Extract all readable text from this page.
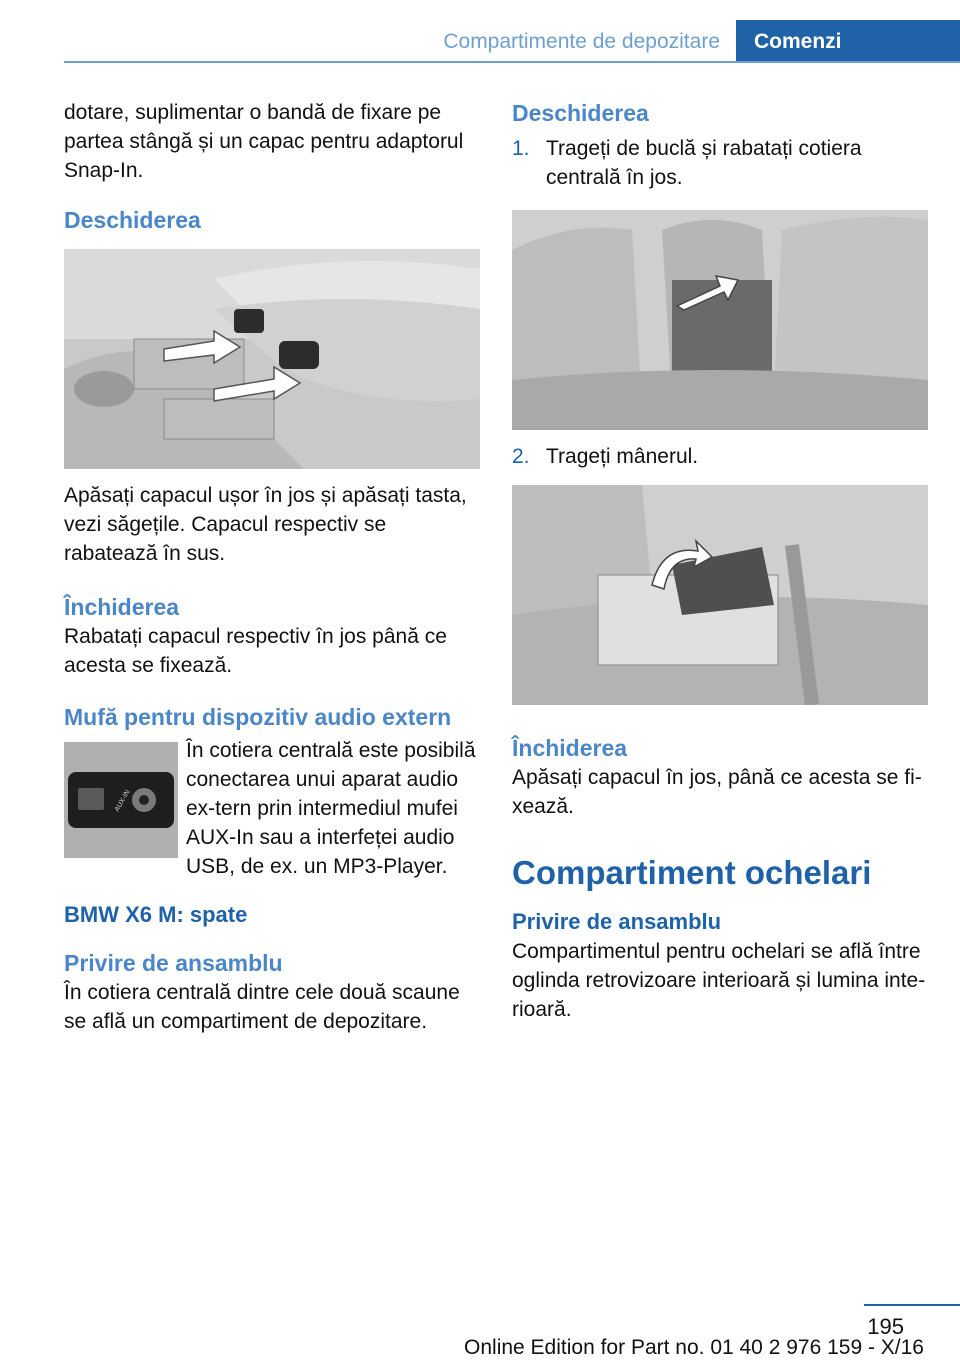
Compartimente de depozitare	Comenzi

dotare, suplimentar o bandă de fixare pe partea stângă și un capac pentru adaptorul Snap-In.

Deschiderea

Apăsați capacul ușor în jos și apăsați tasta, vezi săgețile. Capacul respectiv se rabatează în sus.

Închiderea

Rabatați capacul respectiv în jos până ce acesta se fixează.

Mufă pentru dispozitiv audio extern
AUX-IN

În cotiera centrală este posibilă conectarea unui aparat audio ex-tern prin intermediul mufei AUX-In sau a interfeței audio USB, de ex. un MP3-Player.

BMW X6 M: spate
Privire de ansamblu

În cotiera centrală dintre cele două scaune se află un compartiment de depozitare.

Deschiderea
1. Trageți de buclă și rabatați cotiera centrală în jos.
2. Trageți mânerul.
Închiderea

Apăsați capacul în jos, până ce acesta se fi-xează.

Compartiment ochelari
Privire de ansamblu

Compartimentul pentru ochelari se află între oglinda retrovizoare interioară și lumina inte-rioară.

195
Online Edition for Part no. 01 40 2 976 159 - X/16
